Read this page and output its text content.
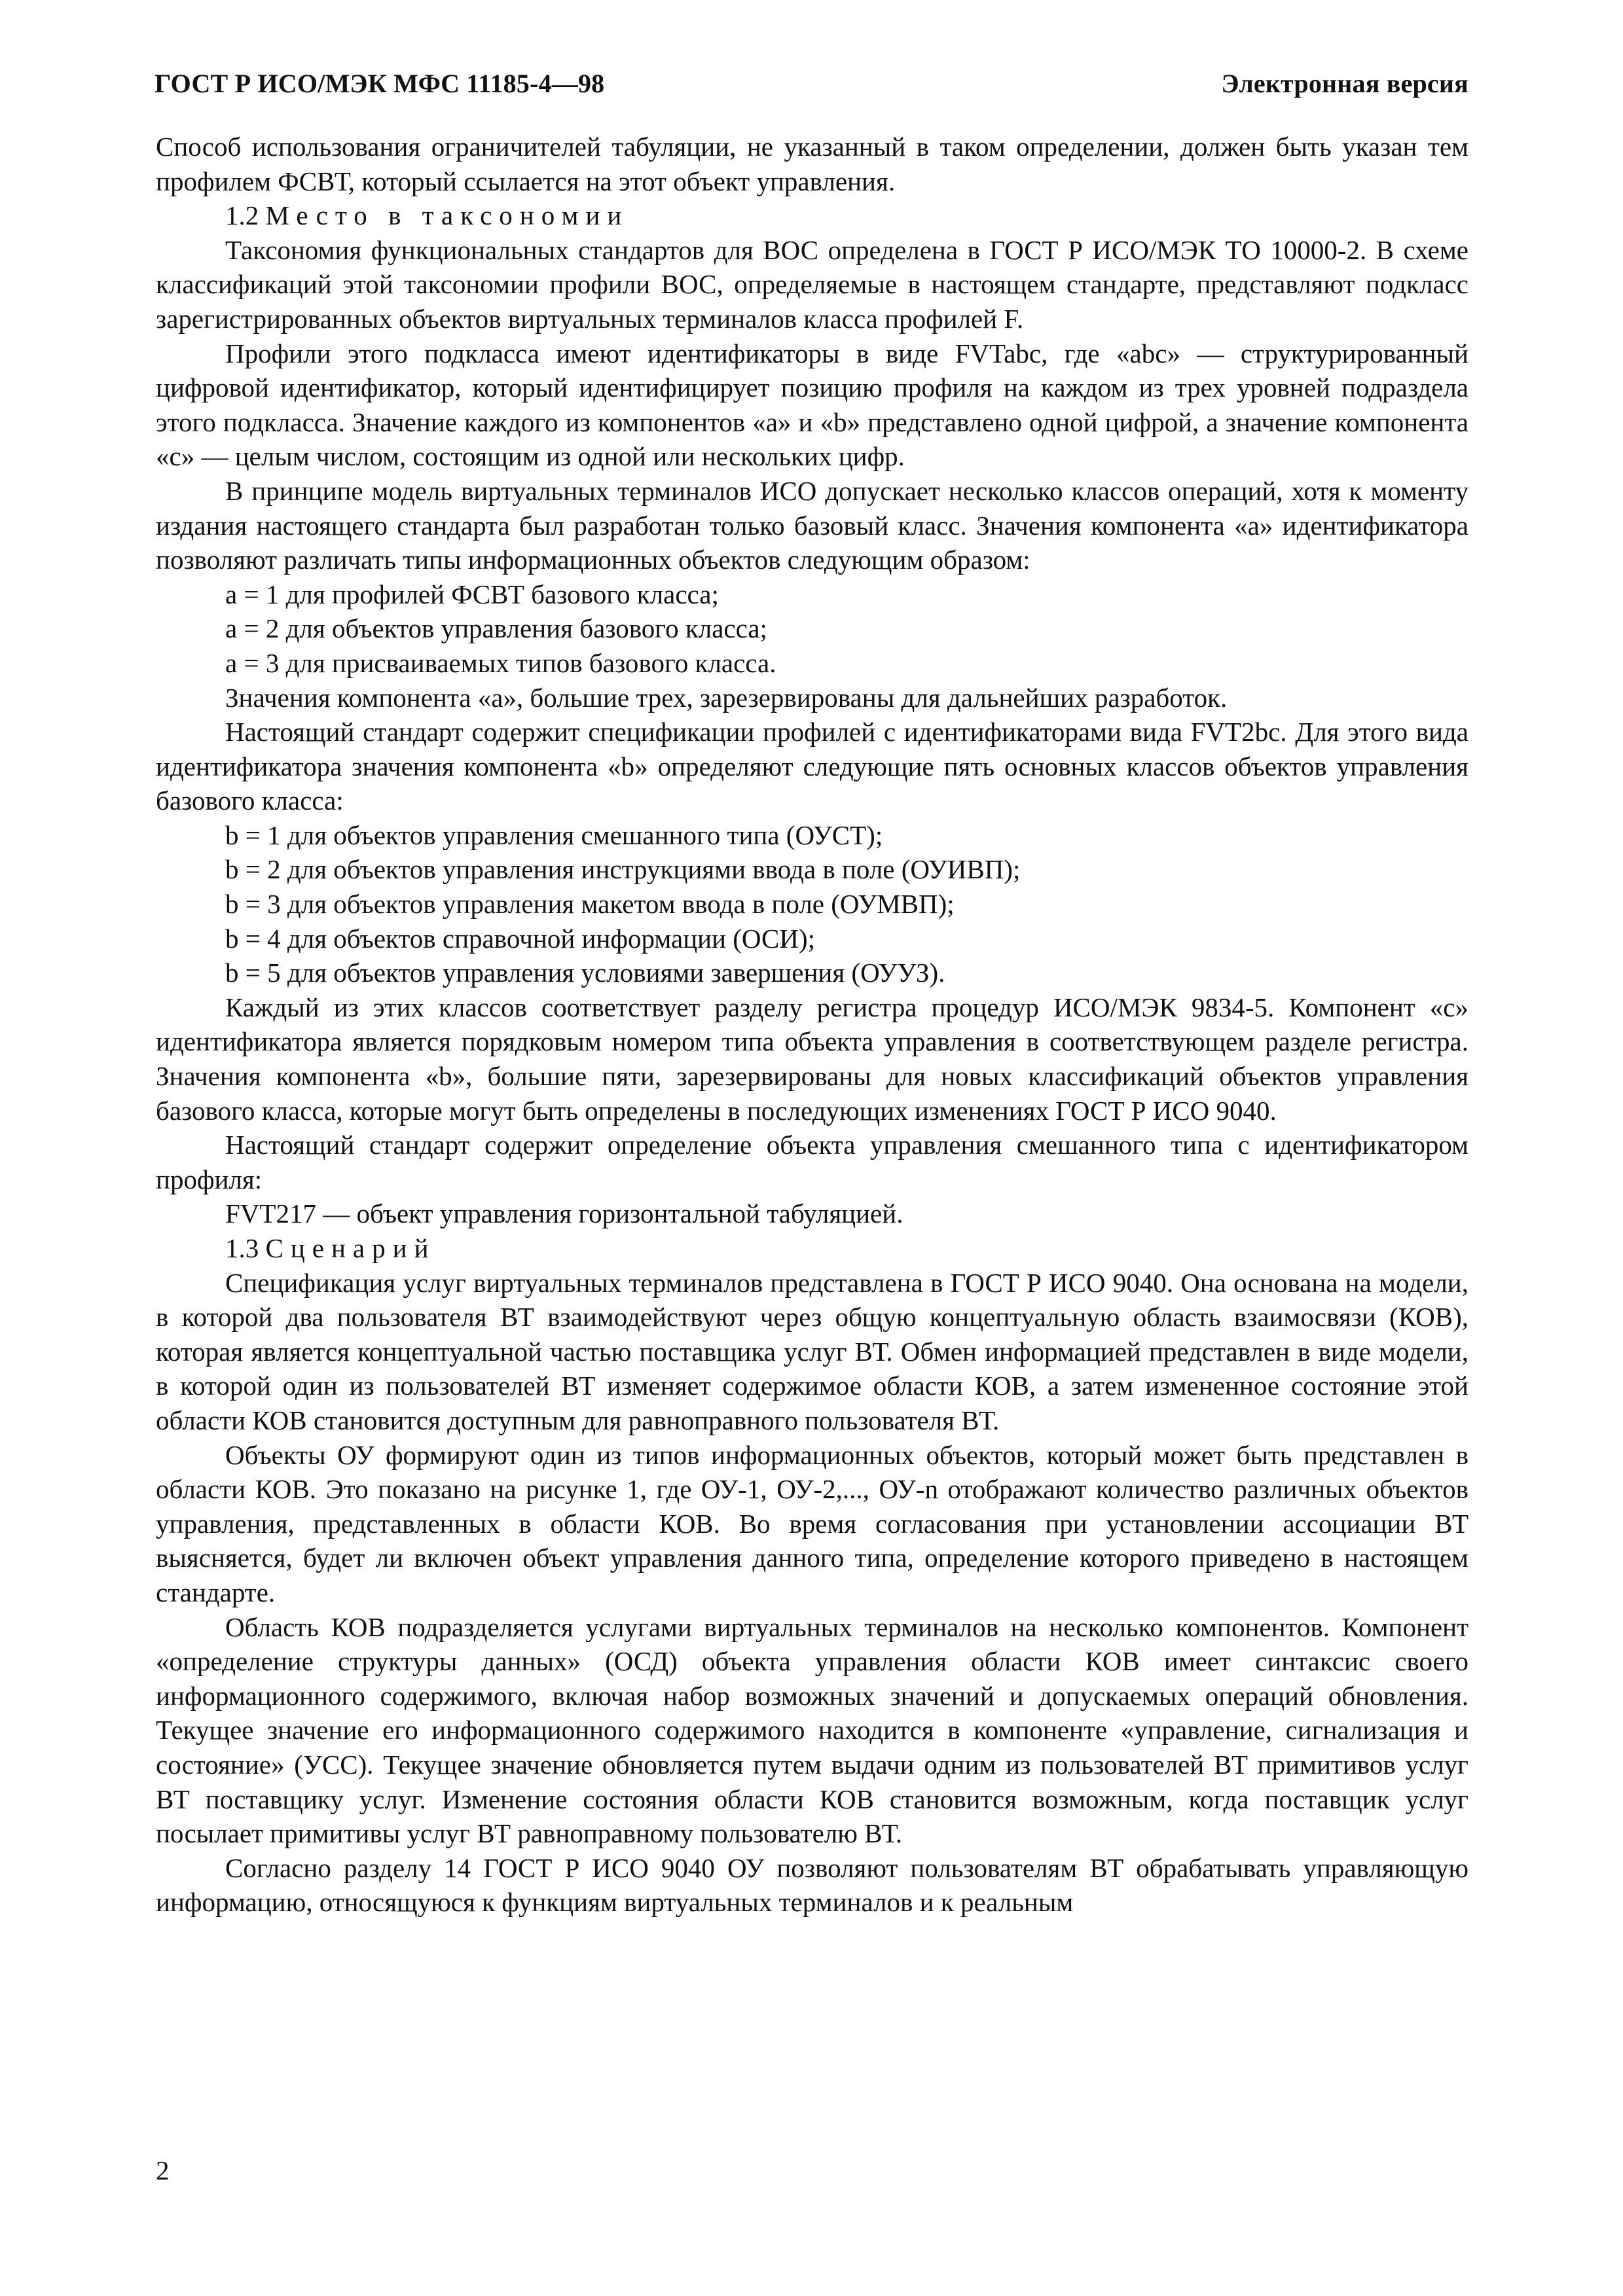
ГОСТ Р ИСО/МЭК МФС 11185-4—98	Электронная версия

Способ использования ограничителей табуляции, не указанный в таком определении, должен быть указан тем профилем ФСВТ, который ссылается на этот объект управления.

1.2 Место в таксономии

Таксономия функциональных стандартов для ВОС определена в ГОСТ Р ИСО/МЭК ТО 10000-2. В схеме классификаций этой таксономии профили ВОС, определяемые в настоящем стандарте, представляют подкласс зарегистрированных объектов виртуальных терминалов класса профилей F.

Профили этого подкласса имеют идентификаторы в виде FVTabc, где «abc» — структурированный цифровой идентификатор, который идентифицирует позицию профиля на каждом из трех уровней подраздела этого подкласса. Значение каждого из компонентов «a» и «b» представлено одной цифрой, а значение компонента «c» — целым числом, состоящим из одной или нескольких цифр.

В принципе модель виртуальных терминалов ИСО допускает несколько классов операций, хотя к моменту издания настоящего стандарта был разработан только базовый класс. Значения компонента «a» идентификатора позволяют различать типы информационных объектов следующим образом:

a = 1 для профилей ФСВТ базового класса;

a = 2 для объектов управления базового класса;

a = 3 для присваиваемых типов базового класса.

Значения компонента «a», большие трех, зарезервированы для дальнейших разработок.

Настоящий стандарт содержит спецификации профилей с идентификаторами вида FVT2bc. Для этого вида идентификатора значения компонента «b» определяют следующие пять основных классов объектов управления базового класса:

b = 1 для объектов управления смешанного типа (ОУСТ);

b = 2 для объектов управления инструкциями ввода в поле (ОУИВП);

b = 3 для объектов управления макетом ввода в поле (ОУМВП);

b = 4 для объектов справочной информации (ОСИ);

b = 5 для объектов управления условиями завершения (ОУУЗ).

Каждый из этих классов соответствует разделу регистра процедур ИСО/МЭК 9834-5. Компонент «c» идентификатора является порядковым номером типа объекта управления в соответствующем разделе регистра. Значения компонента «b», большие пяти, зарезервированы для новых классификаций объектов управления базового класса, которые могут быть определены в последующих изменениях ГОСТ Р ИСО 9040.

Настоящий стандарт содержит определение объекта управления смешанного типа с идентификатором профиля:

FVT217 — объект управления горизонтальной табуляцией.

1.3 Сценарий

Спецификация услуг виртуальных терминалов представлена в ГОСТ Р ИСО 9040. Она основана на модели, в которой два пользователя ВТ взаимодействуют через общую концептуальную область взаимосвязи (КОВ), которая является концептуальной частью поставщика услуг ВТ. Обмен информацией представлен в виде модели, в которой один из пользователей ВТ изменяет содержимое области КОВ, а затем измененное состояние этой области КОВ становится доступным для равноправного пользователя ВТ.

Объекты ОУ формируют один из типов информационных объектов, который может быть представлен в области КОВ. Это показано на рисунке 1, где ОУ-1, ОУ-2,..., ОУ-n отображают количество различных объектов управления, представленных в области КОВ. Во время согласования при установлении ассоциации ВТ выясняется, будет ли включен объект управления данного типа, определение которого приведено в настоящем стандарте.

Область КОВ подразделяется услугами виртуальных терминалов на несколько компонентов. Компонент «определение структуры данных» (ОСД) объекта управления области КОВ имеет синтаксис своего информационного содержимого, включая набор возможных значений и допускаемых операций обновления. Текущее значение его информационного содержимого находится в компоненте «управление, сигнализация и состояние» (УСС). Текущее значение обновляется путем выдачи одним из пользователей ВТ примитивов услуг ВТ поставщику услуг. Изменение состояния области КОВ становится возможным, когда поставщик услуг посылает примитивы услуг ВТ равноправному пользователю ВТ.

Согласно разделу 14 ГОСТ Р ИСО 9040 ОУ позволяют пользователям ВТ обрабатывать управляющую информацию, относящуюся к функциям виртуальных терминалов и к реальным

2
